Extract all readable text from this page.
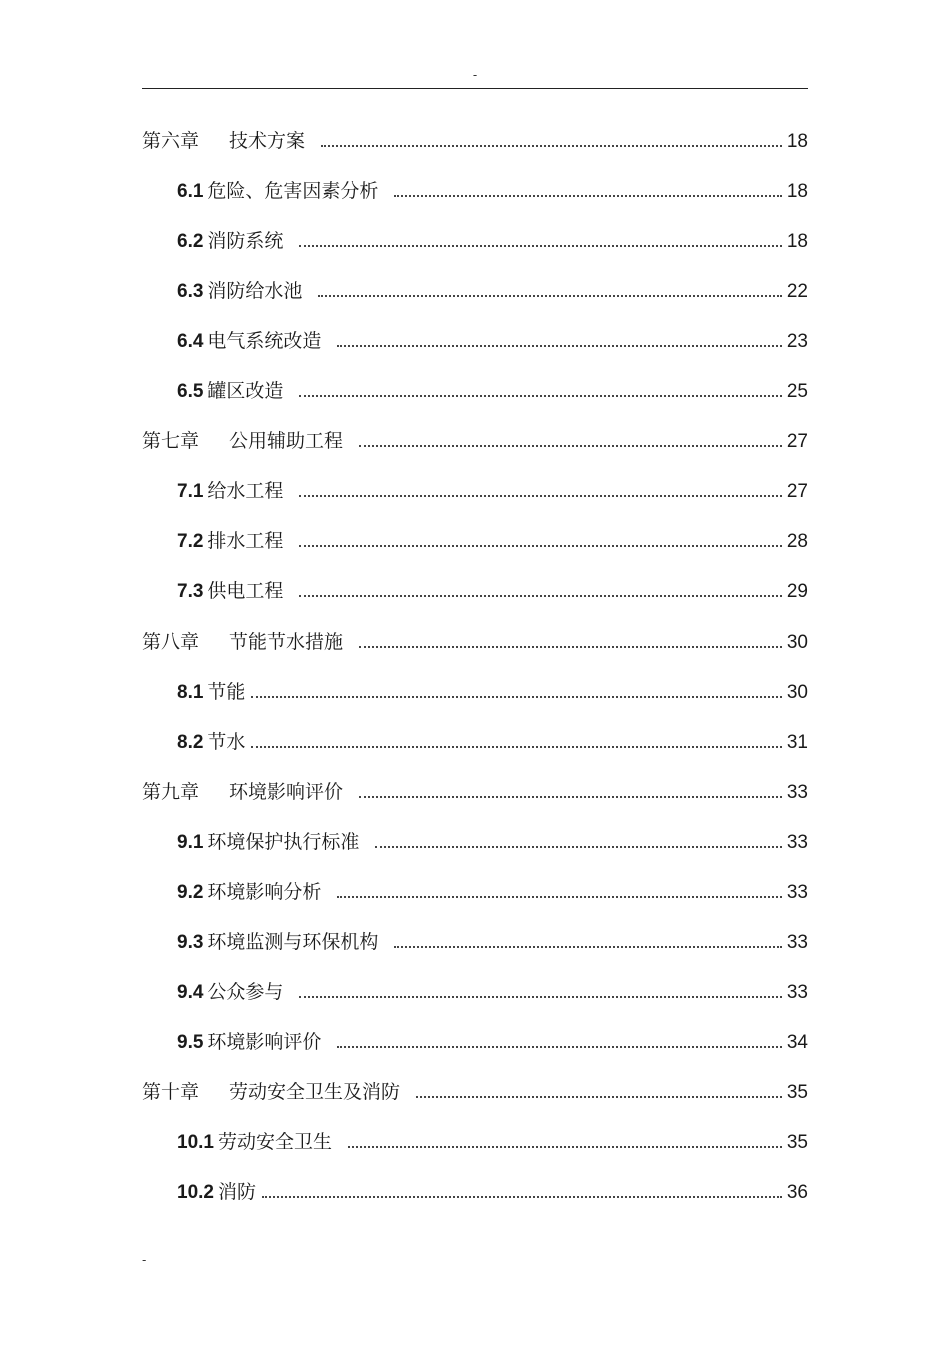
-
第六章 技术方案	18
6.1 危险、危害因素分析	18
6.2 消防系统	18
6.3 消防给水池	22
6.4 电气系统改造	23
6.5 罐区改造	25
第七章 公用辅助工程	27
7.1 给水工程	27
7.2 排水工程	28
7.3 供电工程	29
第八章 节能节水措施	30
8.1 节能	30
8.2 节水	31
第九章 环境影响评价	33
9.1 环境保护执行标准	33
9.2 环境影响分析	33
9.3 环境监测与环保机构	33
9.4 公众参与	33
9.5 环境影响评价	34
第十章 劳动安全卫生及消防	35
10.1 劳动安全卫生	35
10.2 消防	36
-
